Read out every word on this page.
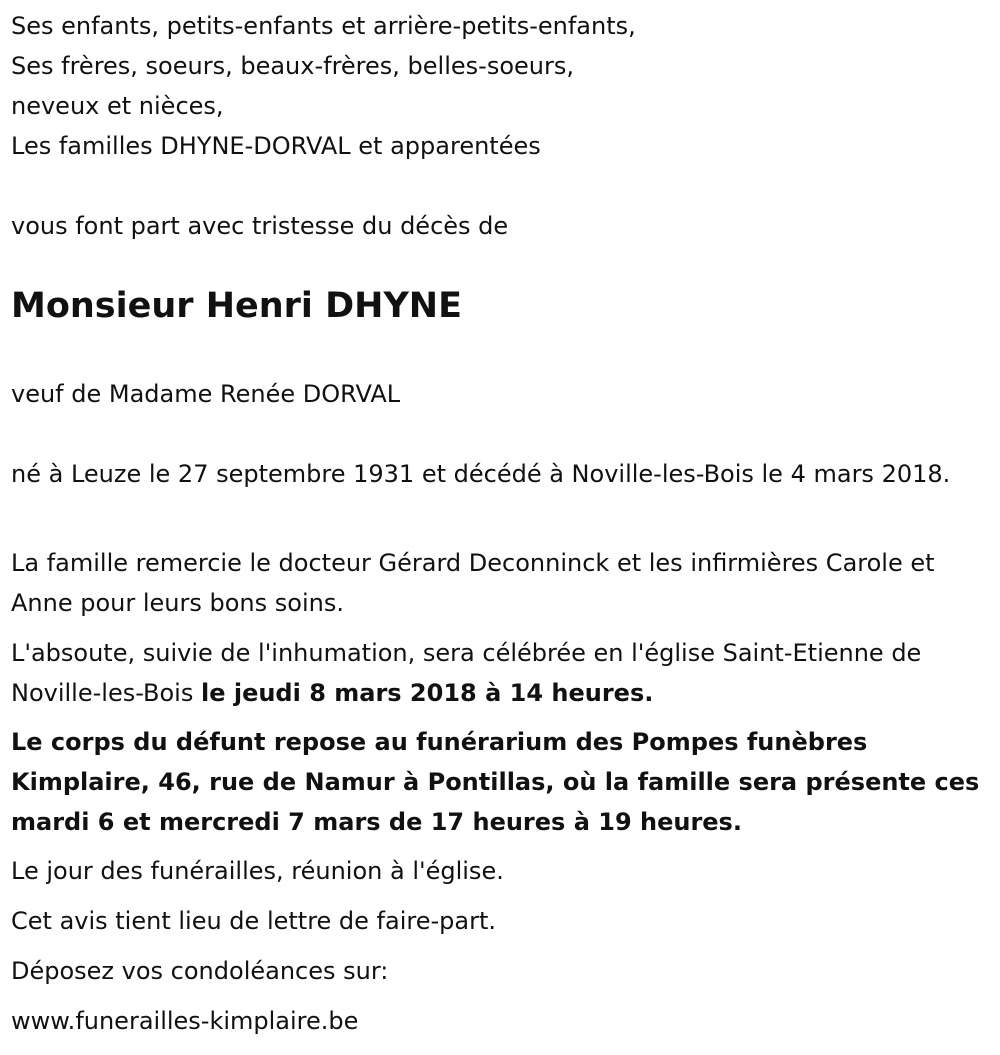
Ses enfants, petits-enfants et arrière-petits-enfants,
Ses frères, soeurs, beaux-frères, belles-soeurs,
neveux et nièces,
Les familles DHYNE-DORVAL et apparentées
vous font part avec tristesse du décès de
Monsieur Henri DHYNE
veuf de Madame Renée DORVAL
né à Leuze le 27 septembre 1931 et décédé à Noville-les-Bois le 4 mars 2018.
La famille remercie le docteur Gérard Deconninck et les infirmières Carole et Anne pour leurs bons soins.
L'absoute, suivie de l'inhumation, sera célébrée en l'église Saint-Etienne de Noville-les-Bois le jeudi 8 mars 2018 à 14 heures.
Le corps du défunt repose au funérarium des Pompes funèbres Kimplaire, 46, rue de Namur à Pontillas, où la famille sera présente ces mardi 6 et mercredi 7 mars de 17 heures à 19 heures.
Le jour des funérailles, réunion à l'église.
Cet avis tient lieu de lettre de faire-part.
Déposez vos condoléances sur:
www.funerailles-kimplaire.be
